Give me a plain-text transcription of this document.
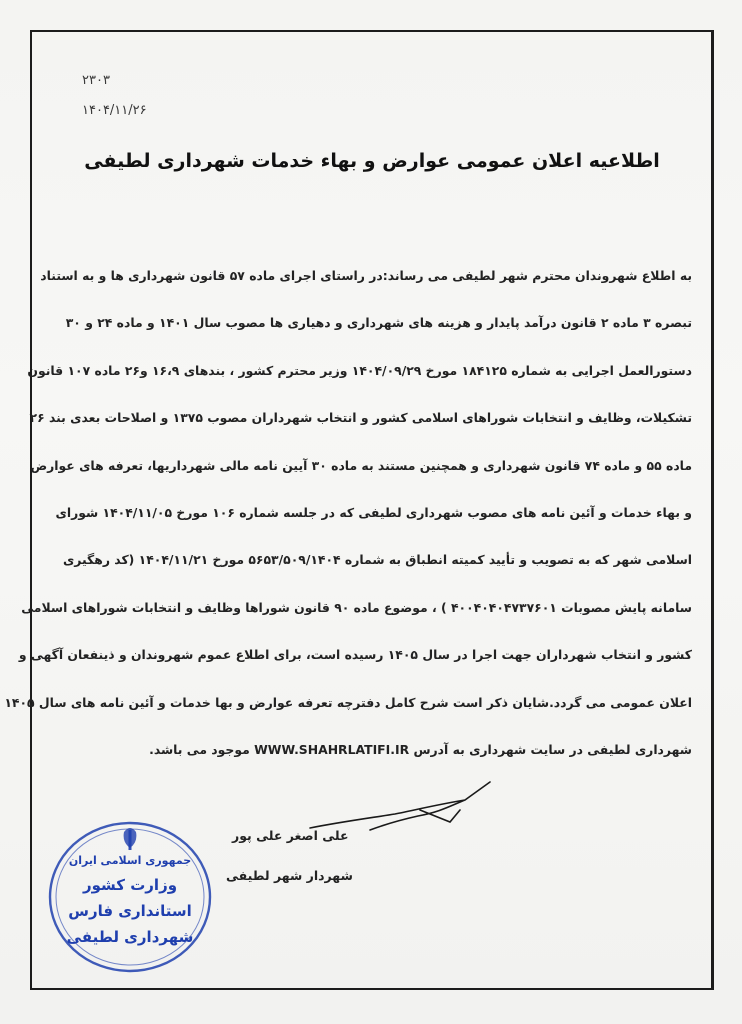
۲۳۰۳
۱۴۰۴/۱۱/۲۶
اطلاعیه اعلان عمومی عوارض و بهاء خدمات شهرداری لطیفی
به اطلاع شهروندان محترم شهر لطیفی می رساند:در راستای اجرای ماده ۵۷ قانون شهرداری ها و به استناد
تبصره ۳ ماده ۲ قانون درآمد پایدار و هزینه های شهرداری و دهیاری ها مصوب سال ۱۴۰۱ و ماده ۲۴ و ۳۰
دستورالعمل اجرایی به شماره ۱۸۴۱۲۵ مورخ ۱۴۰۴/۰۹/۲۹ وزیر محترم کشور ، بندهای ۱۶،۹ و۲۶ ماده ۱۰۷ قانون
تشکیلات، وظایف و انتخابات شوراهای اسلامی کشور و انتخاب شهرداران مصوب ۱۳۷۵ و اصلاحات بعدی بند ۲۶
ماده ۵۵ و ماده ۷۴ قانون شهرداری و همچنین مستند به ماده ۳۰ آیین نامه مالی شهرداریها، تعرفه های عوارض
و بهاء خدمات و آئین نامه های مصوب شهرداری لطیفی که در جلسه شماره ۱۰۶ مورخ ۱۴۰۴/۱۱/۰۵ شورای
اسلامی شهر که به تصویب و تأیید کمیته انطباق به شماره ۵۶۵۳/۵۰۹/۱۴۰۴ مورخ ۱۴۰۴/۱۱/۲۱ (کد رهگیری
سامانه پایش مصوبات ۴۰۰۴۰۴۰۴۷۳۷۶۰۱ ) ، موضوع ماده ۹۰ قانون شوراها وظایف و انتخابات شوراهای اسلامی
کشور و انتخاب شهرداران جهت اجرا در سال ۱۴۰۵ رسیده است، برای اطلاع عموم شهروندان و ذینفعان آگهی و
اعلان عمومی می گردد.شایان ذکر است شرح کامل دفترچه تعرفه عوارض و بها خدمات و آئین نامه های سال ۱۴۰۵
شهرداری لطیفی در سایت شهرداری به آدرس WWW.SHAHRLATIFI.IR موجود می باشد.
علی اصغر علی پور
شهردار شهر لطیفی
جمهوری اسلامی ایران
وزارت کشور
استانداری فارس
شهرداری لطیفی
